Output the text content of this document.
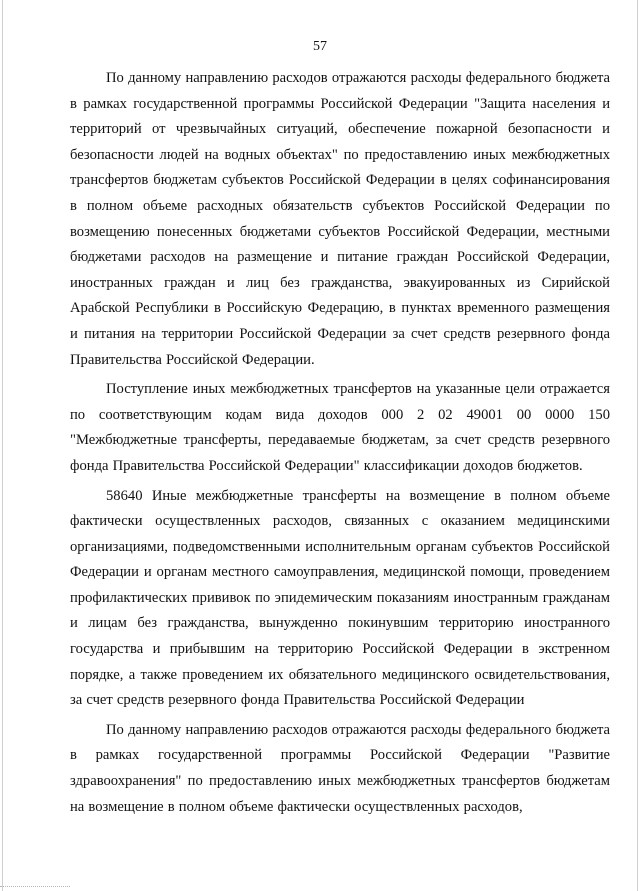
57

По данному направлению расходов отражаются расходы федерального бюджета в рамках государственной программы Российской Федерации "Защита населения и территорий от чрезвычайных ситуаций, обеспечение пожарной безопасности и безопасности людей на водных объектах" по предоставлению иных межбюджетных трансфертов бюджетам субъектов Российской Федерации в целях софинансирования в полном объеме расходных обязательств субъектов Российской Федерации по возмещению понесенных бюджетами субъектов Российской Федерации, местными бюджетами расходов на размещение и питание граждан Российской Федерации, иностранных граждан и лиц без гражданства, эвакуированных из Сирийской Арабской Республики в Российскую Федерацию, в пунктах временного размещения и питания на территории Российской Федерации за счет средств резервного фонда Правительства Российской Федерации.

Поступление иных межбюджетных трансфертов на указанные цели отражается по соответствующим кодам вида доходов 000 2 02 49001 00 0000 150 "Межбюджетные трансферты, передаваемые бюджетам, за счет средств резервного фонда Правительства Российской Федерации" классификации доходов бюджетов.

58640 Иные межбюджетные трансферты на возмещение в полном объеме фактически осуществленных расходов, связанных с оказанием медицинскими организациями, подведомственными исполнительным органам субъектов Российской Федерации и органам местного самоуправления, медицинской помощи, проведением профилактических прививок по эпидемическим показаниям иностранным гражданам и лицам без гражданства, вынужденно покинувшим территорию иностранного государства и прибывшим на территорию Российской Федерации в экстренном порядке, а также проведением их обязательного медицинского освидетельствования, за счет средств резервного фонда Правительства Российской Федерации

По данному направлению расходов отражаются расходы федерального бюджета в рамках государственной программы Российской Федерации "Развитие здравоохранения" по предоставлению иных межбюджетных трансфертов бюджетам на возмещение в полном объеме фактически осуществленных расходов,
